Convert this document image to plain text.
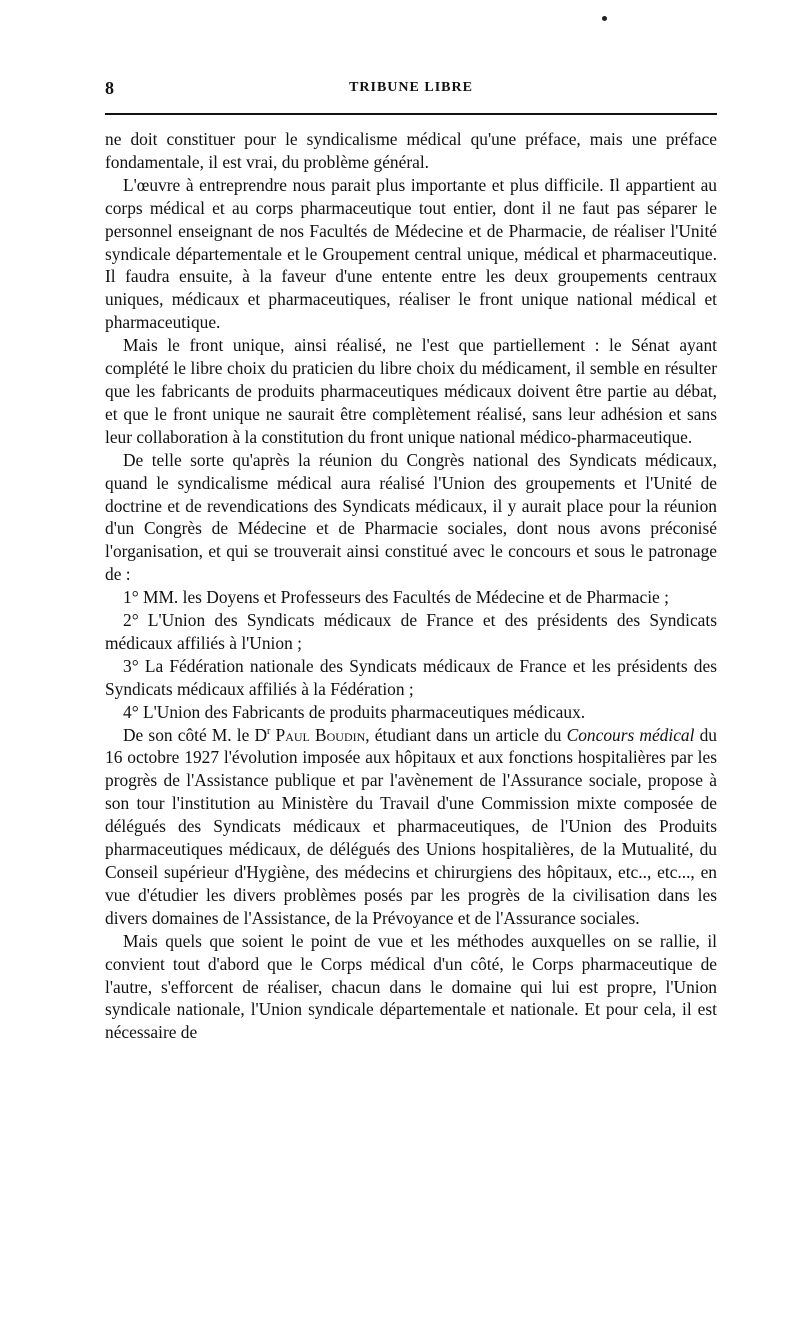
8	TRIBUNE LIBRE

ne doit constituer pour le syndicalisme médical qu'une préface, mais une préface fondamentale, il est vrai, du problème général.

L'œuvre à entreprendre nous parait plus importante et plus difficile. Il appartient au corps médical et au corps pharmaceutique tout entier, dont il ne faut pas séparer le personnel enseignant de nos Facultés de Médecine et de Pharmacie, de réaliser l'Unité syndicale départementale et le Groupement central unique, médical et pharmaceutique. Il faudra ensuite, à la faveur d'une entente entre les deux groupements centraux uniques, médicaux et pharmaceutiques, réaliser le front unique national médical et pharmaceutique.

Mais le front unique, ainsi réalisé, ne l'est que partiellement : le Sénat ayant complété le libre choix du praticien du libre choix du médicament, il semble en résulter que les fabricants de produits pharmaceutiques médicaux doivent être partie au débat, et que le front unique ne saurait être complètement réalisé, sans leur adhésion et sans leur collaboration à la constitution du front unique national médico-pharmaceutique.

De telle sorte qu'après la réunion du Congrès national des Syndicats médicaux, quand le syndicalisme médical aura réalisé l'Union des groupements et l'Unité de doctrine et de revendications des Syndicats médicaux, il y aurait place pour la réunion d'un Congrès de Médecine et de Pharmacie sociales, dont nous avons préconisé l'organisation, et qui se trouverait ainsi constitué avec le concours et sous le patronage de :

1° MM. les Doyens et Professeurs des Facultés de Médecine et de Pharmacie ;

2° L'Union des Syndicats médicaux de France et des présidents des Syndicats médicaux affiliés à l'Union ;

3° La Fédération nationale des Syndicats médicaux de France et les présidents des Syndicats médicaux affiliés à la Fédération ;

4° L'Union des Fabricants de produits pharmaceutiques médicaux.

De son côté M. le $D^r$ Paul Boudin, étudiant dans un article du Concours médical du 16 octobre 1927 l'évolution imposée aux hôpitaux et aux fonctions hospitalières par les progrès de l'Assistance publique et par l'avènement de l'Assurance sociale, propose à son tour l'institution au Ministère du Travail d'une Commission mixte composée de délégués des Syndicats médicaux et pharmaceutiques, de l'Union des Produits pharmaceutiques médicaux, de délégués des Unions hospitalières, de la Mutualité, du Conseil supérieur d'Hygiène, des médecins et chirurgiens des hôpitaux, etc.., etc..., en vue d'étudier les divers problèmes posés par les progrès de la civilisation dans les divers domaines de l'Assistance, de la Prévoyance et de l'Assurance sociales.

Mais quels que soient le point de vue et les méthodes auxquelles on se rallie, il convient tout d'abord que le Corps médical d'un côté, le Corps pharmaceutique de l'autre, s'efforcent de réaliser, chacun dans le domaine qui lui est propre, l'Union syndicale nationale, l'Union syndicale départementale et nationale. Et pour cela, il est nécessaire de
